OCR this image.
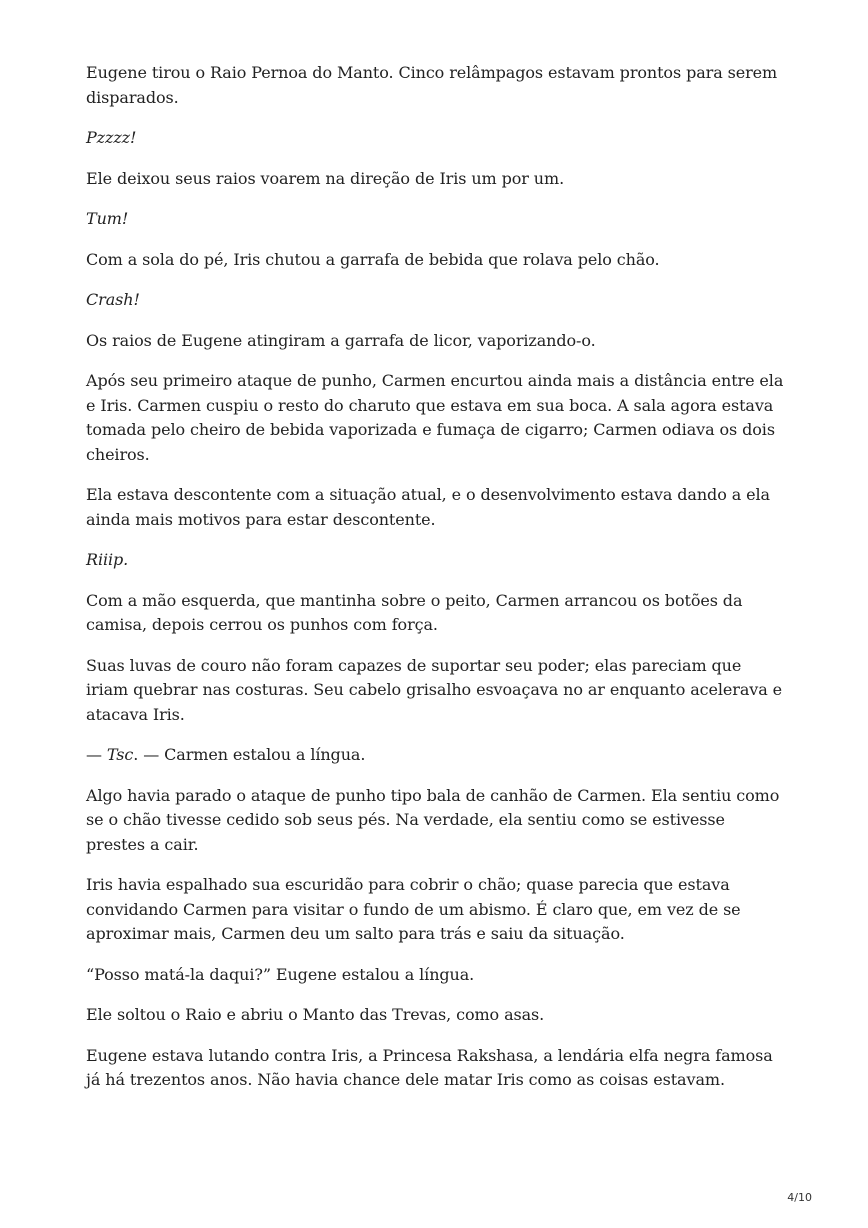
Eugene tirou o Raio Pernoa do Manto. Cinco relâmpagos estavam prontos para serem disparados.

Pzzzz!

Ele deixou seus raios voarem na direção de Iris um por um.

Tum!

Com a sola do pé, Iris chutou a garrafa de bebida que rolava pelo chão.

Crash!

Os raios de Eugene atingiram a garrafa de licor, vaporizando-o.

Após seu primeiro ataque de punho, Carmen encurtou ainda mais a distância entre ela e Iris. Carmen cuspiu o resto do charuto que estava em sua boca. A sala agora estava tomada pelo cheiro de bebida vaporizada e fumaça de cigarro; Carmen odiava os dois cheiros.

Ela estava descontente com a situação atual, e o desenvolvimento estava dando a ela ainda mais motivos para estar descontente.

Riiip.

Com a mão esquerda, que mantinha sobre o peito, Carmen arrancou os botões da camisa, depois cerrou os punhos com força.

Suas luvas de couro não foram capazes de suportar seu poder; elas pareciam que iriam quebrar nas costuras. Seu cabelo grisalho esvoaçava no ar enquanto acelerava e atacava Iris.

— Tsc. — Carmen estalou a língua.

Algo havia parado o ataque de punho tipo bala de canhão de Carmen. Ela sentiu como se o chão tivesse cedido sob seus pés. Na verdade, ela sentiu como se estivesse prestes a cair.

Iris havia espalhado sua escuridão para cobrir o chão; quase parecia que estava convidando Carmen para visitar o fundo de um abismo. É claro que, em vez de se aproximar mais, Carmen deu um salto para trás e saiu da situação.

“Posso matá-la daqui?” Eugene estalou a língua.

Ele soltou o Raio e abriu o Manto das Trevas, como asas.

Eugene estava lutando contra Iris, a Princesa Rakshasa, a lendária elfa negra famosa já há trezentos anos. Não havia chance dele matar Iris como as coisas estavam.

4/10
